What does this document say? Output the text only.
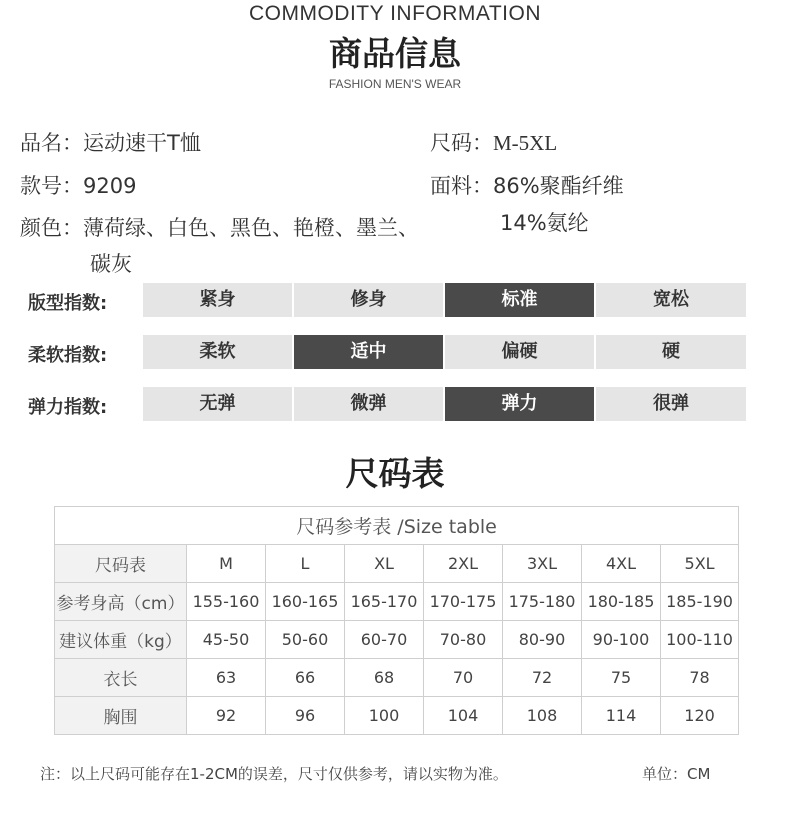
COMMODITY INFORMATION
商品信息
FASHION MEN'S WEAR
品名：运动速干T恤	尺码：M-5XL
款号：9209	面料：86%聚酯纤维
14%氨纶
颜色：薄荷绿、白色、黑色、艳橙、墨兰、
碳灰
版型指数:	紧身	修身	标准	宽松
柔软指数:	柔软	适中	偏硬	硬
弹力指数:	无弹	微弹	弹力	很弹
尺码表
尺码参考表 /Size table							
尺码表	M	L	XL	2XL	3XL	4XL	5XL
参考身高（cm）	155-160	160-165	165-170	170-175	175-180	180-185	185-190
建议体重（kg）	45-50	50-60	60-70	70-80	80-90	90-100	100-110
衣长	63	66	68	70	72	75	78
胸围	92	96	100	104	108	114	120
注：以上尺码可能存在1-2CM的误差，尺寸仅供参考，请以实物为准。	单位：CM
